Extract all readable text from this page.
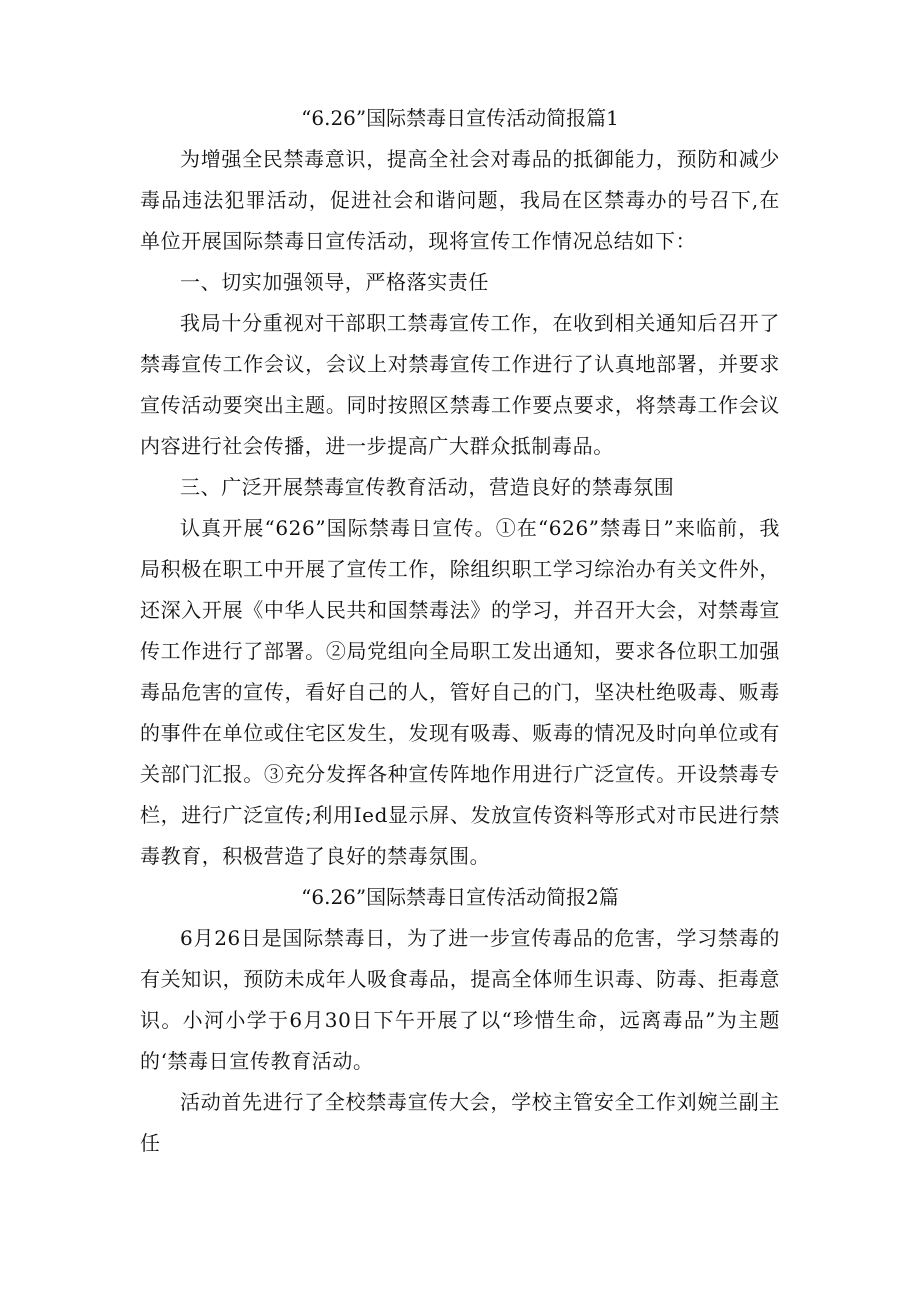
“6.26”国际禁毒日宣传活动简报篇1

为增强全民禁毒意识，提高全社会对毒品的抵御能力，预防和减少毒品违法犯罪活动，促进社会和谐问题，我局在区禁毒办的号召下,在单位开展国际禁毒日宣传活动，现将宣传工作情况总结如下：

一、切实加强领导，严格落实责任

我局十分重视对干部职工禁毒宣传工作，在收到相关通知后召开了禁毒宣传工作会议，会议上对禁毒宣传工作进行了认真地部署，并要求宣传活动要突出主题。同时按照区禁毒工作要点要求，将禁毒工作会议内容进行社会传播，进一步提高广大群众抵制毒品。

三、广泛开展禁毒宣传教育活动，营造良好的禁毒氛围

认真开展“626”国际禁毒日宣传。①在“626”禁毒日”来临前，我局积极在职工中开展了宣传工作，除组织职工学习综治办有关文件外，还深入开展《中华人民共和国禁毒法》的学习，并召开大会，对禁毒宣传工作进行了部署。②局党组向全局职工发出通知，要求各位职工加强毒品危害的宣传，看好自己的人，管好自己的门，坚决杜绝吸毒、贩毒的事件在单位或住宅区发生，发现有吸毒、贩毒的情况及时向单位或有关部门汇报。③充分发挥各种宣传阵地作用进行广泛宣传。开设禁毒专栏，进行广泛宣传;利用Ied显示屏、发放宣传资料等形式对市民进行禁毒教育，积极营造了良好的禁毒氛围。

“6.26”国际禁毒日宣传活动简报2篇

6月26日是国际禁毒日，为了进一步宣传毒品的危害，学习禁毒的有关知识，预防未成年人吸食毒品，提高全体师生识毒、防毒、拒毒意识。小河小学于6月30日下午开展了以“珍惜生命，远离毒品”为主题的‘禁毒日宣传教育活动。

活动首先进行了全校禁毒宣传大会，学校主管安全工作刘婉兰副主任
